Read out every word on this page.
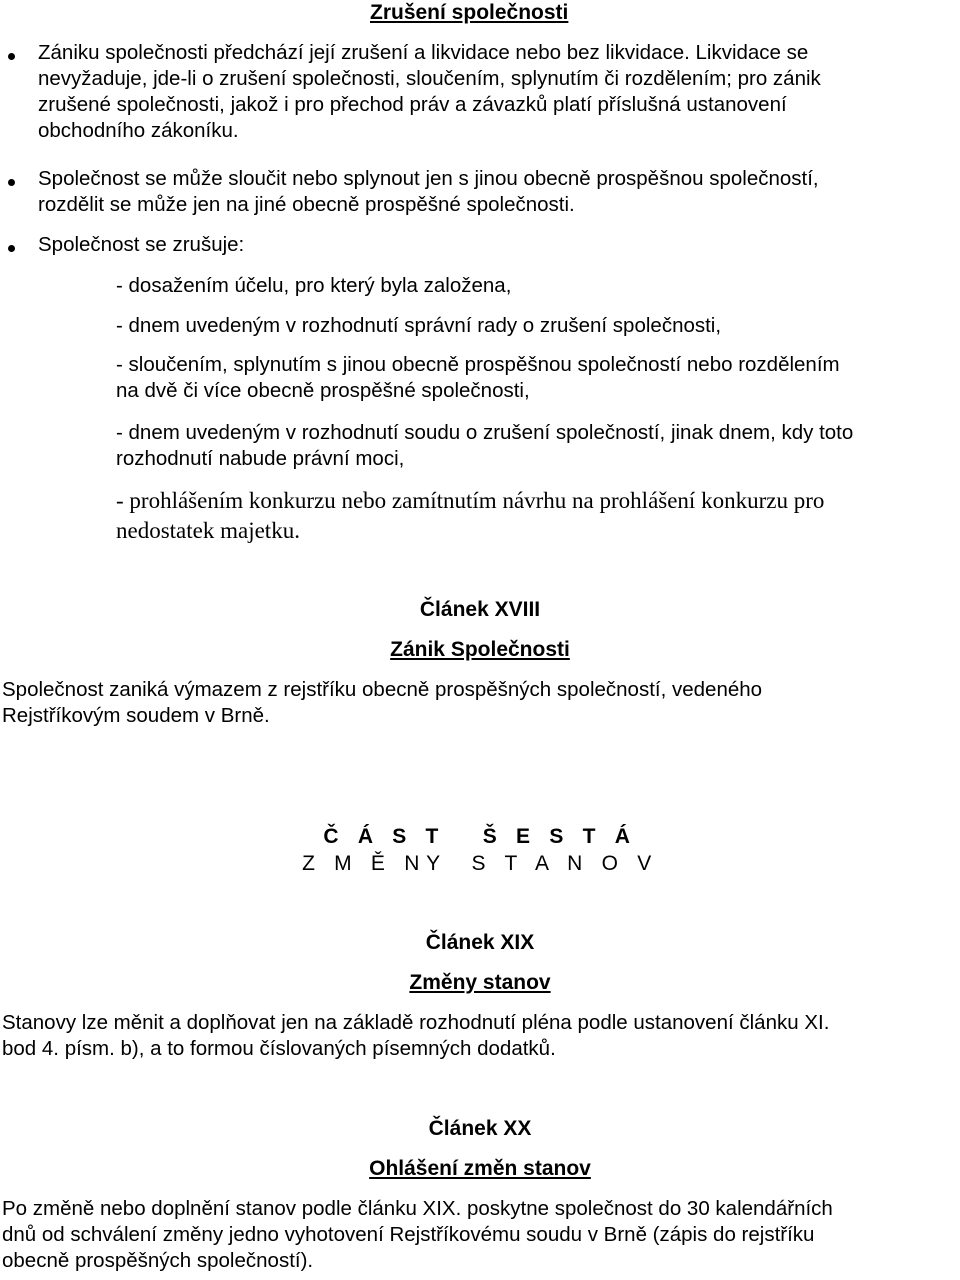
Zrušení společnosti
Zániku společnosti předchází její zrušení a likvidace nebo bez likvidace. Likvidace se
nevyžaduje, jde-li o zrušení společnosti, sloučením, splynutím či rozdělením; pro zánik
zrušené společnosti, jakož i pro přechod práv a závazků platí příslušná ustanovení
obchodního zákoníku.
Společnost se může sloučit nebo splynout jen s jinou obecně prospěšnou společností,
rozdělit se může jen na jiné obecně prospěšné společnosti.
Společnost se zrušuje:
- dosažením účelu, pro který byla založena,
- dnem uvedeným v rozhodnutí správní rady o zrušení společnosti,
- sloučením, splynutím s jinou obecně prospěšnou společností nebo rozdělením
na dvě či více obecně prospěšné společnosti,
- dnem uvedeným v rozhodnutí soudu o zrušení společností, jinak dnem, kdy toto
rozhodnutí nabude právní moci,
- prohlášením konkurzu nebo zamítnutím návrhu na prohlášení konkurzu pro
nedostatek majetku.
Článek XVIII
Zánik Společnosti
Společnost zaniká výmazem z rejstříku obecně prospěšných společností, vedeného
Rejstříkovým soudem v Brně.
Č Á S T   Š E S T Á
Z M Ě NY  S T A N O V
Článek XIX
Změny stanov
Stanovy lze měnit a doplňovat jen na základě rozhodnutí pléna podle ustanovení článku XI.
bod 4. písm. b), a to formou číslovaných písemných dodatků.
Článek XX
Ohlášení změn stanov
Po změně nebo doplnění stanov podle článku XIX. poskytne společnost do 30 kalendářních
dnů od schválení změny jedno vyhotovení Rejstříkovému soudu v Brně (zápis do rejstříku
obecně prospěšných společností).
